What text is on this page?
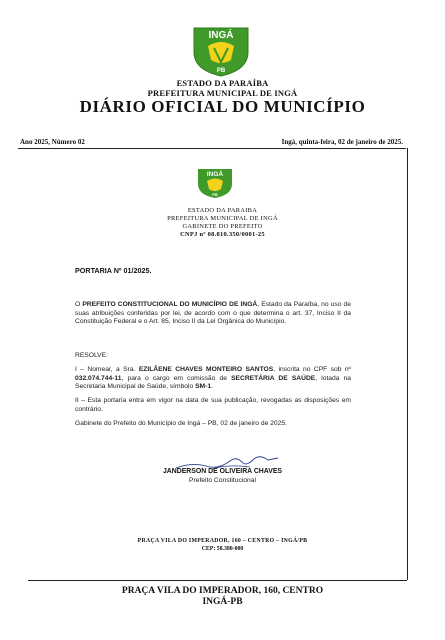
INGÁ
PB
ESTADO DA PARAÍBA
PREFEITURA MUNICIPAL DE INGÁ
DIÁRIO OFICIAL DO MUNICÍPIO
Ano 2025, Número 02	Ingá, quinta-feira, 02 de janeiro de 2025.
INGÁ
PB
ESTADO DA PARAIBA
PREFEITURA MUNICIPAL DE INGÁ
GABINETE DO PREFEITO
CNPJ nº 08.810.350/0001-25
PORTARIA Nº 01/2025.
O PREFEITO CONSTITUCIONAL DO MUNICÍPIO DE INGÁ, Estado da Paraíba, no uso de suas atribuições conferidas por lei, de acordo com o que determina o art. 37, Inciso II da Constituição Federal e o Art. 85, Inciso II da Lei Orgânica do Município.
RESOLVE:
I – Nomear, a Sra. EZILÂENE CHAVES MONTEIRO SANTOS, inscrita no CPF sob nº 032.074.744-11, para o cargo em comissão de SECRETÁRIA DE SAÚDE, lotada na Secretaria Municipal de Saúde, símbolo SM-1.
II – Esta portaria entra em vigor na data de sua publicação, revogadas as disposições em contrário.
Gabinete do Prefeito do Município de Ingá – PB, 02 de janeiro de 2025.
JANDERSON DE OLIVEIRA CHAVES
Prefeito Constitucional
PRAÇA VILA DO IMPERADOR, 160 – CENTRO – INGÁ/PB
CEP: 58.380-000
PRAÇA VILA DO IMPERADOR, 160, CENTRO
INGÁ-PB
